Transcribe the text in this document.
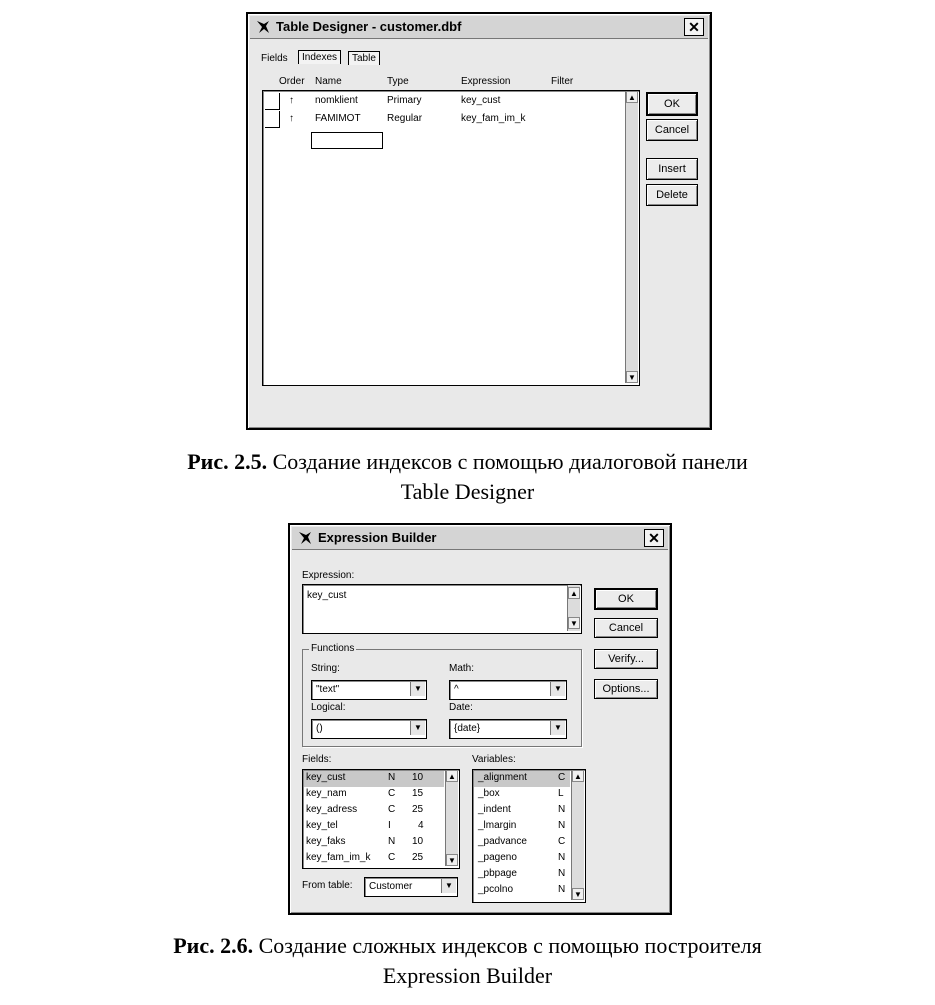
Table Designer - customer.dbf	✕
Fields	Indexes	Table
Order Name	Type	Expression	Filter
↑ nomklient	Primary	key_cust
↑ FAMIMOT	Regular	key_fam_im_k
▲
▼
OK
Cancel
Insert
Delete
Рис. 2.5. Создание индексов с помощью диалоговой панели
Table Designer
Expression Builder	✕
Expression:
key_cust	▲
▼
OK
Cancel
Verify...
Options...
Functions
String:
"text"	▼
Math:
^	▼
Logical:
()	▼
Date:
{date}	▼
Fields:
key_cust	N 10
key_nam	C 15
key_adress	C 25
key_tel	I	4
key_faks	N 10
key_fam_im_k C 25
▲
▼
From table: Customer	▼
Variables:
_alignment	C
_box	L
_indent	N
_lmargin	N
_padvance	C
_pageno	N
_pbpage	N
_pcolno	N
▲
▼
Рис. 2.6. Создание сложных индексов с помощью построителя
Expression Builder
